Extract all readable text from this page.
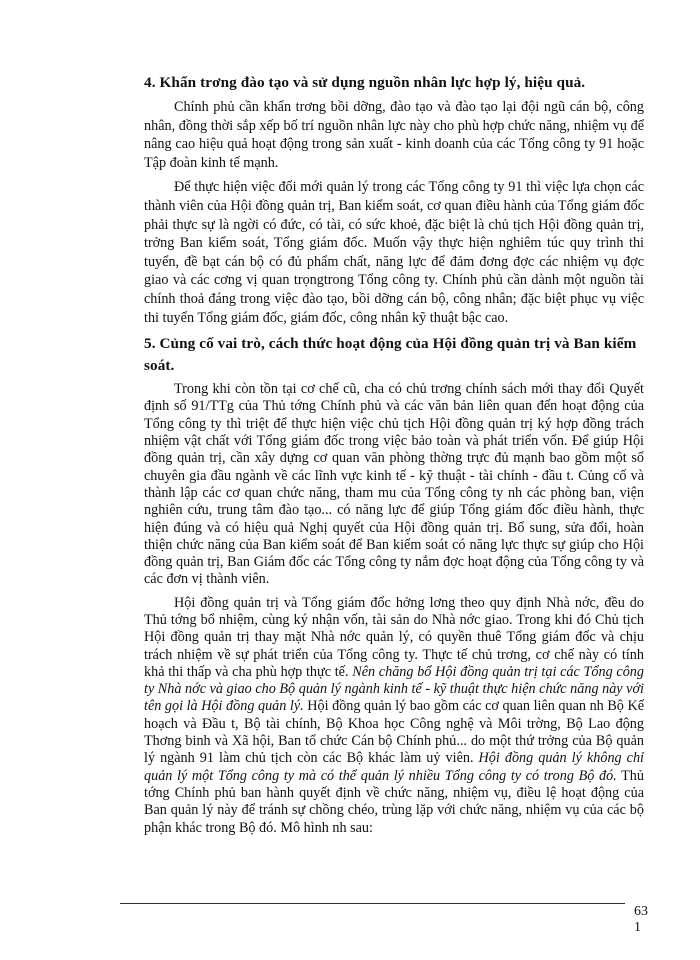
4. Khẩn trơng đào tạo và sử dụng nguồn nhân lực hợp lý, hiệu quả.

Chính phủ cần khẩn trơng bồi dỡng, đào tạo và đào tạo lại đội ngũ cán bộ, công nhân, đồng thời sắp xếp bố trí nguồn nhân lực này cho phù hợp chức năng, nhiệm vụ để nâng cao hiệu quả hoạt động trong sản xuất - kinh doanh của các Tổng công ty 91 hoặc Tập đoàn kinh tế mạnh.

Để thực hiện việc đổi mới quản lý trong các Tổng công ty 91 thì việc lựa chọn các thành viên của Hội đồng quản trị, Ban kiểm soát, cơ quan điều hành của Tổng giám đốc phải thực sự là ngời có đức, có tài, có sức khoẻ, đặc biệt là chủ tịch Hội đồng quản trị, trởng Ban kiểm soát, Tổng giám đốc. Muốn vậy thực hiện nghiêm túc quy trình thi tuyển, đề bạt cán bộ có đủ phẩm chất, năng lực để đảm đơng đợc các nhiệm vụ đợc giao và các cơng vị quan trọngtrong Tổng công ty. Chính phủ cần dành một nguồn tài chính thoả đáng trong việc đào tạo, bồi dỡng cán bộ, công nhân; đặc biệt phục vụ việc thi tuyển Tổng giám đốc, giám đốc, công nhân kỹ thuật bậc cao.

5. Củng cố vai trò, cách thức hoạt động của Hội đồng quản trị và Ban kiểm soát.

Trong khi còn tồn tại cơ chế cũ, cha có chủ trơng chính sách mới thay đổi Quyết định số 91/TTg của Thủ tớng Chính phủ và các văn bản liên quan đến hoạt động của Tổng công ty thì triệt để thực hiện việc chủ tịch Hội đồng quản trị ký hợp đồng trách nhiệm vật chất với Tổng giám đốc trong việc bảo toàn và phát triển vốn. Để giúp Hội đồng quản trị, cần xây dựng cơ quan văn phòng thờng trực đủ mạnh bao gồm một số chuyên gia đầu ngành về các lĩnh vực kinh tế - kỹ thuật - tài chính - đầu t. Củng cố và thành lập các cơ quan chức năng, tham mu của Tổng công ty nh các phòng ban, viện nghiên cứu, trung tâm đào tạo... có năng lực để giúp Tổng giám đốc điều hành, thực hiện đúng và có hiệu quả Nghị quyết của Hội đồng quản trị. Bổ sung, sửa đổi, hoàn thiện chức năng của Ban kiểm soát để Ban kiểm soát có năng lực thực sự giúp cho Hội đồng quản trị, Ban Giám đốc các Tổng công ty nắm đợc hoạt động của Tổng công ty và các đơn vị thành viên.

Hội đồng quản trị và Tổng giám đốc hởng lơng theo quy định Nhà nớc, đều do Thủ tớng bổ nhiệm, cùng ký nhận vốn, tài sản do Nhà nớc giao. Trong khi đó Chủ tịch Hội đồng quản trị thay mặt Nhà nớc quản lý, có quyền thuê Tổng giám đốc và chịu trách nhiệm về sự phát triển của Tổng công ty. Thực tế chủ trơng, cơ chế này có tính khả thi thấp và cha phù hợp thực tế. Nên chăng bổ Hội đồng quản trị tại các Tổng công ty Nhà nớc và giao cho Bộ quản lý ngành kinh tế - kỹ thuật thực hiện chức năng này với tên gọi là Hội đồng quản lý. Hội đồng quản lý bao gồm các cơ quan liên quan nh Bộ Kế hoạch và Đầu t, Bộ tài chính, Bộ Khoa học Công nghệ và Môi trờng, Bộ Lao động Thơng binh và Xã hội, Ban tổ chức Cán bộ Chính phủ... do một thứ trởng của Bộ quản lý ngành 91 làm chủ tịch còn các Bộ khác làm uỷ viên. Hội đồng quản lý không chỉ quản lý một Tổng công ty mà có thể quản lý nhiều Tổng công ty có trong Bộ đó. Thủ tớng Chính phủ ban hành quyết định về chức năng, nhiệm vụ, điều lệ hoạt động của Ban quản lý này để tránh sự chồng chéo, trùng lặp với chức năng, nhiệm vụ của các bộ phận khác trong Bộ đó. Mô hình nh sau:

63
1
